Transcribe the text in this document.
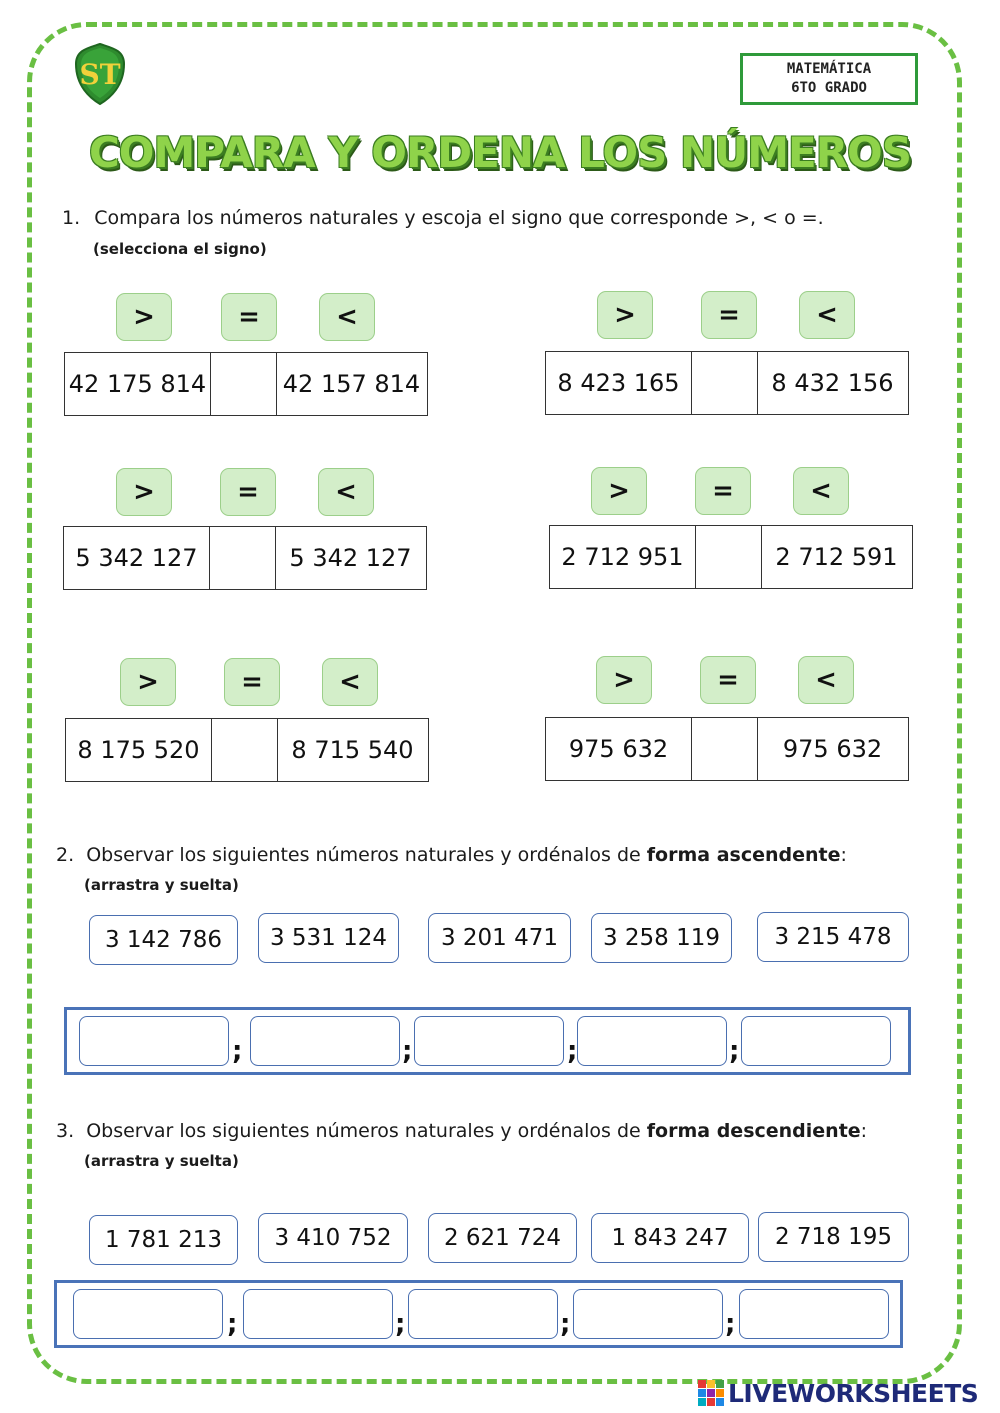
ST	MATEMÁTICA
6TO GRADO
COMPARA Y ORDENA LOS NÚMEROS
1. Compara los números naturales y escoja el signo que corresponde >, < o =.
(selecciona el signo)
>	=	<
42 175 814	42 157 814
>	=	<
8 423 165	8 432 156
>	=	<
5 342 127	5 342 127
>	=	<
2 712 951	2 712 591
>	=	<
8 175 520	8 715 540
>	=	<
975 632	975 632
2. Observar los siguientes números naturales y ordénalos de forma ascendente:
(arrastra y suelta)
3 142 786	3 531 124	3 201 471	3 258 119	3 215 478
;	;	;	;
3. Observar los siguientes números naturales y ordénalos de forma descendiente:
(arrastra y suelta)
1 781 213	3 410 752	2 621 724	1 843 247	2 718 195
;	;	;	;
LIVEWORKSHEETS
